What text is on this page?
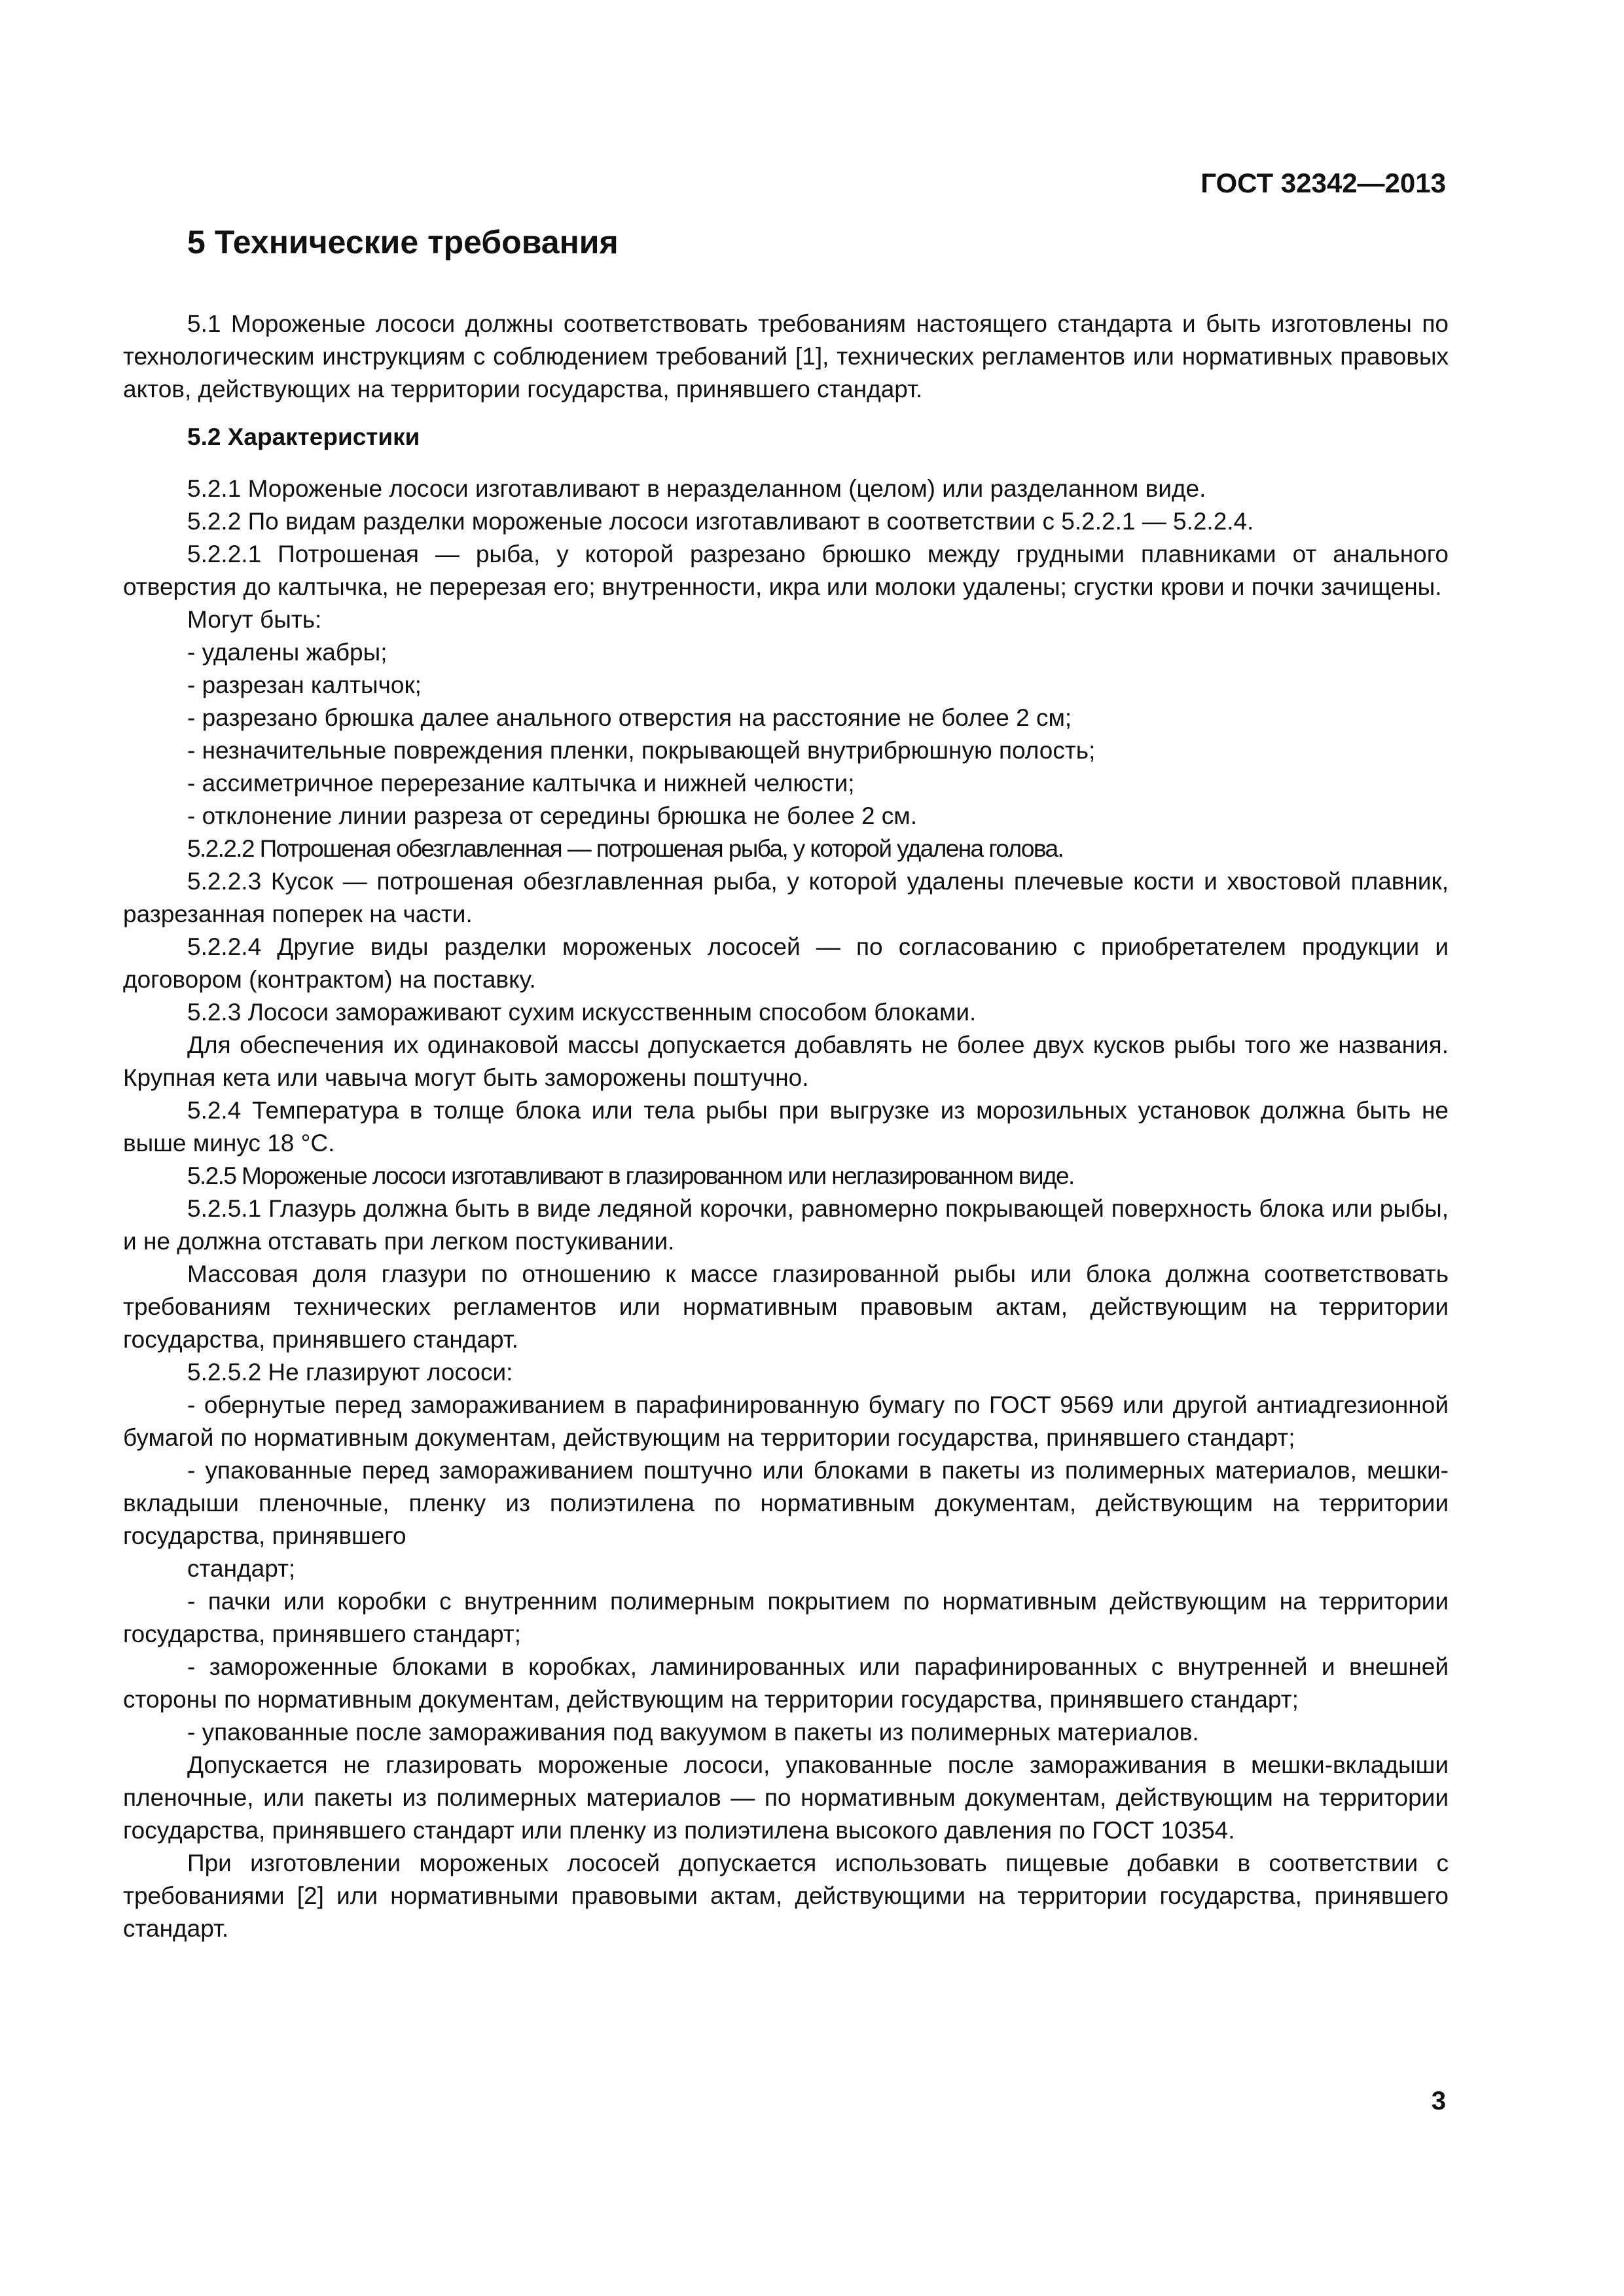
ГОСТ 32342—2013
5 Технические требования

5.1 Мороженые лососи должны соответствовать требованиям настоящего стандарта и быть изготовлены по технологическим инструкциям с соблюдением требований [1], технических регламентов или нормативных правовых актов, действующих на территории государства, принявшего стандарт.

5.2 Характеристики

5.2.1 Мороженые лососи изготавливают в неразделанном (целом) или разделанном виде.

5.2.2 По видам разделки мороженые лососи изготавливают в соответствии с 5.2.2.1 — 5.2.2.4.

5.2.2.1 Потрошеная — рыба, у которой разрезано брюшко между грудными плавниками от анального отверстия до калтычка, не перерезая его; внутренности, икра или молоки удалены; сгустки крови и почки зачищены.

Могут быть:

- удалены жабры;

- разрезан калтычок;

- разрезано брюшка далее анального отверстия на расстояние не более 2 см;

- незначительные повреждения пленки, покрывающей внутрибрюшную полость;

- ассиметричное перерезание калтычка и нижней челюсти;

- отклонение линии разреза от середины брюшка не более 2 см.

5.2.2.2 Потрошеная обезглавленная — потрошеная рыба, у которой удалена голова.

5.2.2.3 Кусок — потрошеная обезглавленная рыба, у которой удалены плечевые кости и хвостовой плавник, разрезанная поперек на части.

5.2.2.4 Другие виды разделки мороженых лососей — по согласованию с приобретателем продукции и договором (контрактом) на поставку.

5.2.3 Лососи замораживают сухим искусственным способом блоками.

Для обеспечения их одинаковой массы допускается добавлять не более двух кусков рыбы того же названия. Крупная кета или чавыча могут быть заморожены поштучно.

5.2.4 Температура в толще блока или тела рыбы при выгрузке из морозильных установок должна быть не выше минус 18 °С.

5.2.5 Мороженые лососи изготавливают в глазированном или неглазированном виде.

5.2.5.1 Глазурь должна быть в виде ледяной корочки, равномерно покрывающей поверхность блока или рыбы, и не должна отставать при легком постукивании.

Массовая доля глазури по отношению к массе глазированной рыбы или блока должна соответствовать требованиям технических регламентов или нормативным правовым актам, действующим на территории государства, принявшего стандарт.

5.2.5.2 Не глазируют лососи:

- обернутые перед замораживанием в парафинированную бумагу по ГОСТ 9569 или другой антиадгезионной бумагой по нормативным документам, действующим на территории государства, принявшего стандарт;

- упакованные перед замораживанием поштучно или блоками в пакеты из полимерных материалов, мешки-вкладыши пленочные, пленку из полиэтилена по нормативным документам, действующим на территории государства, принявшего

стандарт;

- пачки или коробки с внутренним полимерным покрытием по нормативным действующим на территории государства, принявшего стандарт;

- замороженные блоками в коробках, ламинированных или парафинированных с внутренней и внешней стороны по нормативным документам, действующим на территории государства, принявшего стандарт;

- упакованные после замораживания под вакуумом в пакеты из полимерных материалов.

Допускается не глазировать мороженые лососи, упакованные после замораживания в мешки-вкладыши пленочные, или пакеты из полимерных материалов — по нормативным документам, действующим на территории государства, принявшего стандарт или пленку из полиэтилена высокого давления по ГОСТ 10354.

При изготовлении мороженых лососей допускается использовать пищевые добавки в соответствии с требованиями [2] или нормативными правовыми актам, действующими на территории государства, принявшего стандарт.

3
